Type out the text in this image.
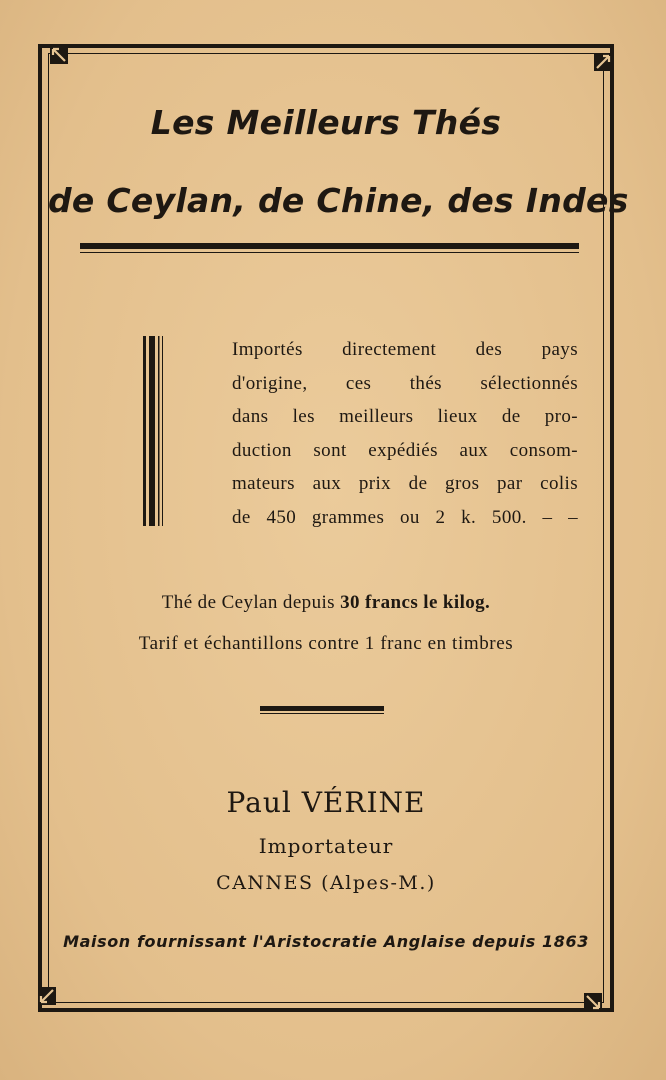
Les Meilleurs Thés
de Ceylan, de Chine, des Indes
Importés directement des pays
d'origine, ces thés sélectionnés
dans les meilleurs lieux de pro-
duction sont expédiés aux consom-
mateurs aux prix de gros par colis
de 450 grammes ou 2 k. 500. – –
Thé de Ceylan depuis 30 francs le kilog.
Tarif et échantillons contre 1 franc en timbres
Paul VÉRINE
Importateur
CANNES (Alpes-M.)
Maison fournissant l'Aristocratie Anglaise depuis 1863
